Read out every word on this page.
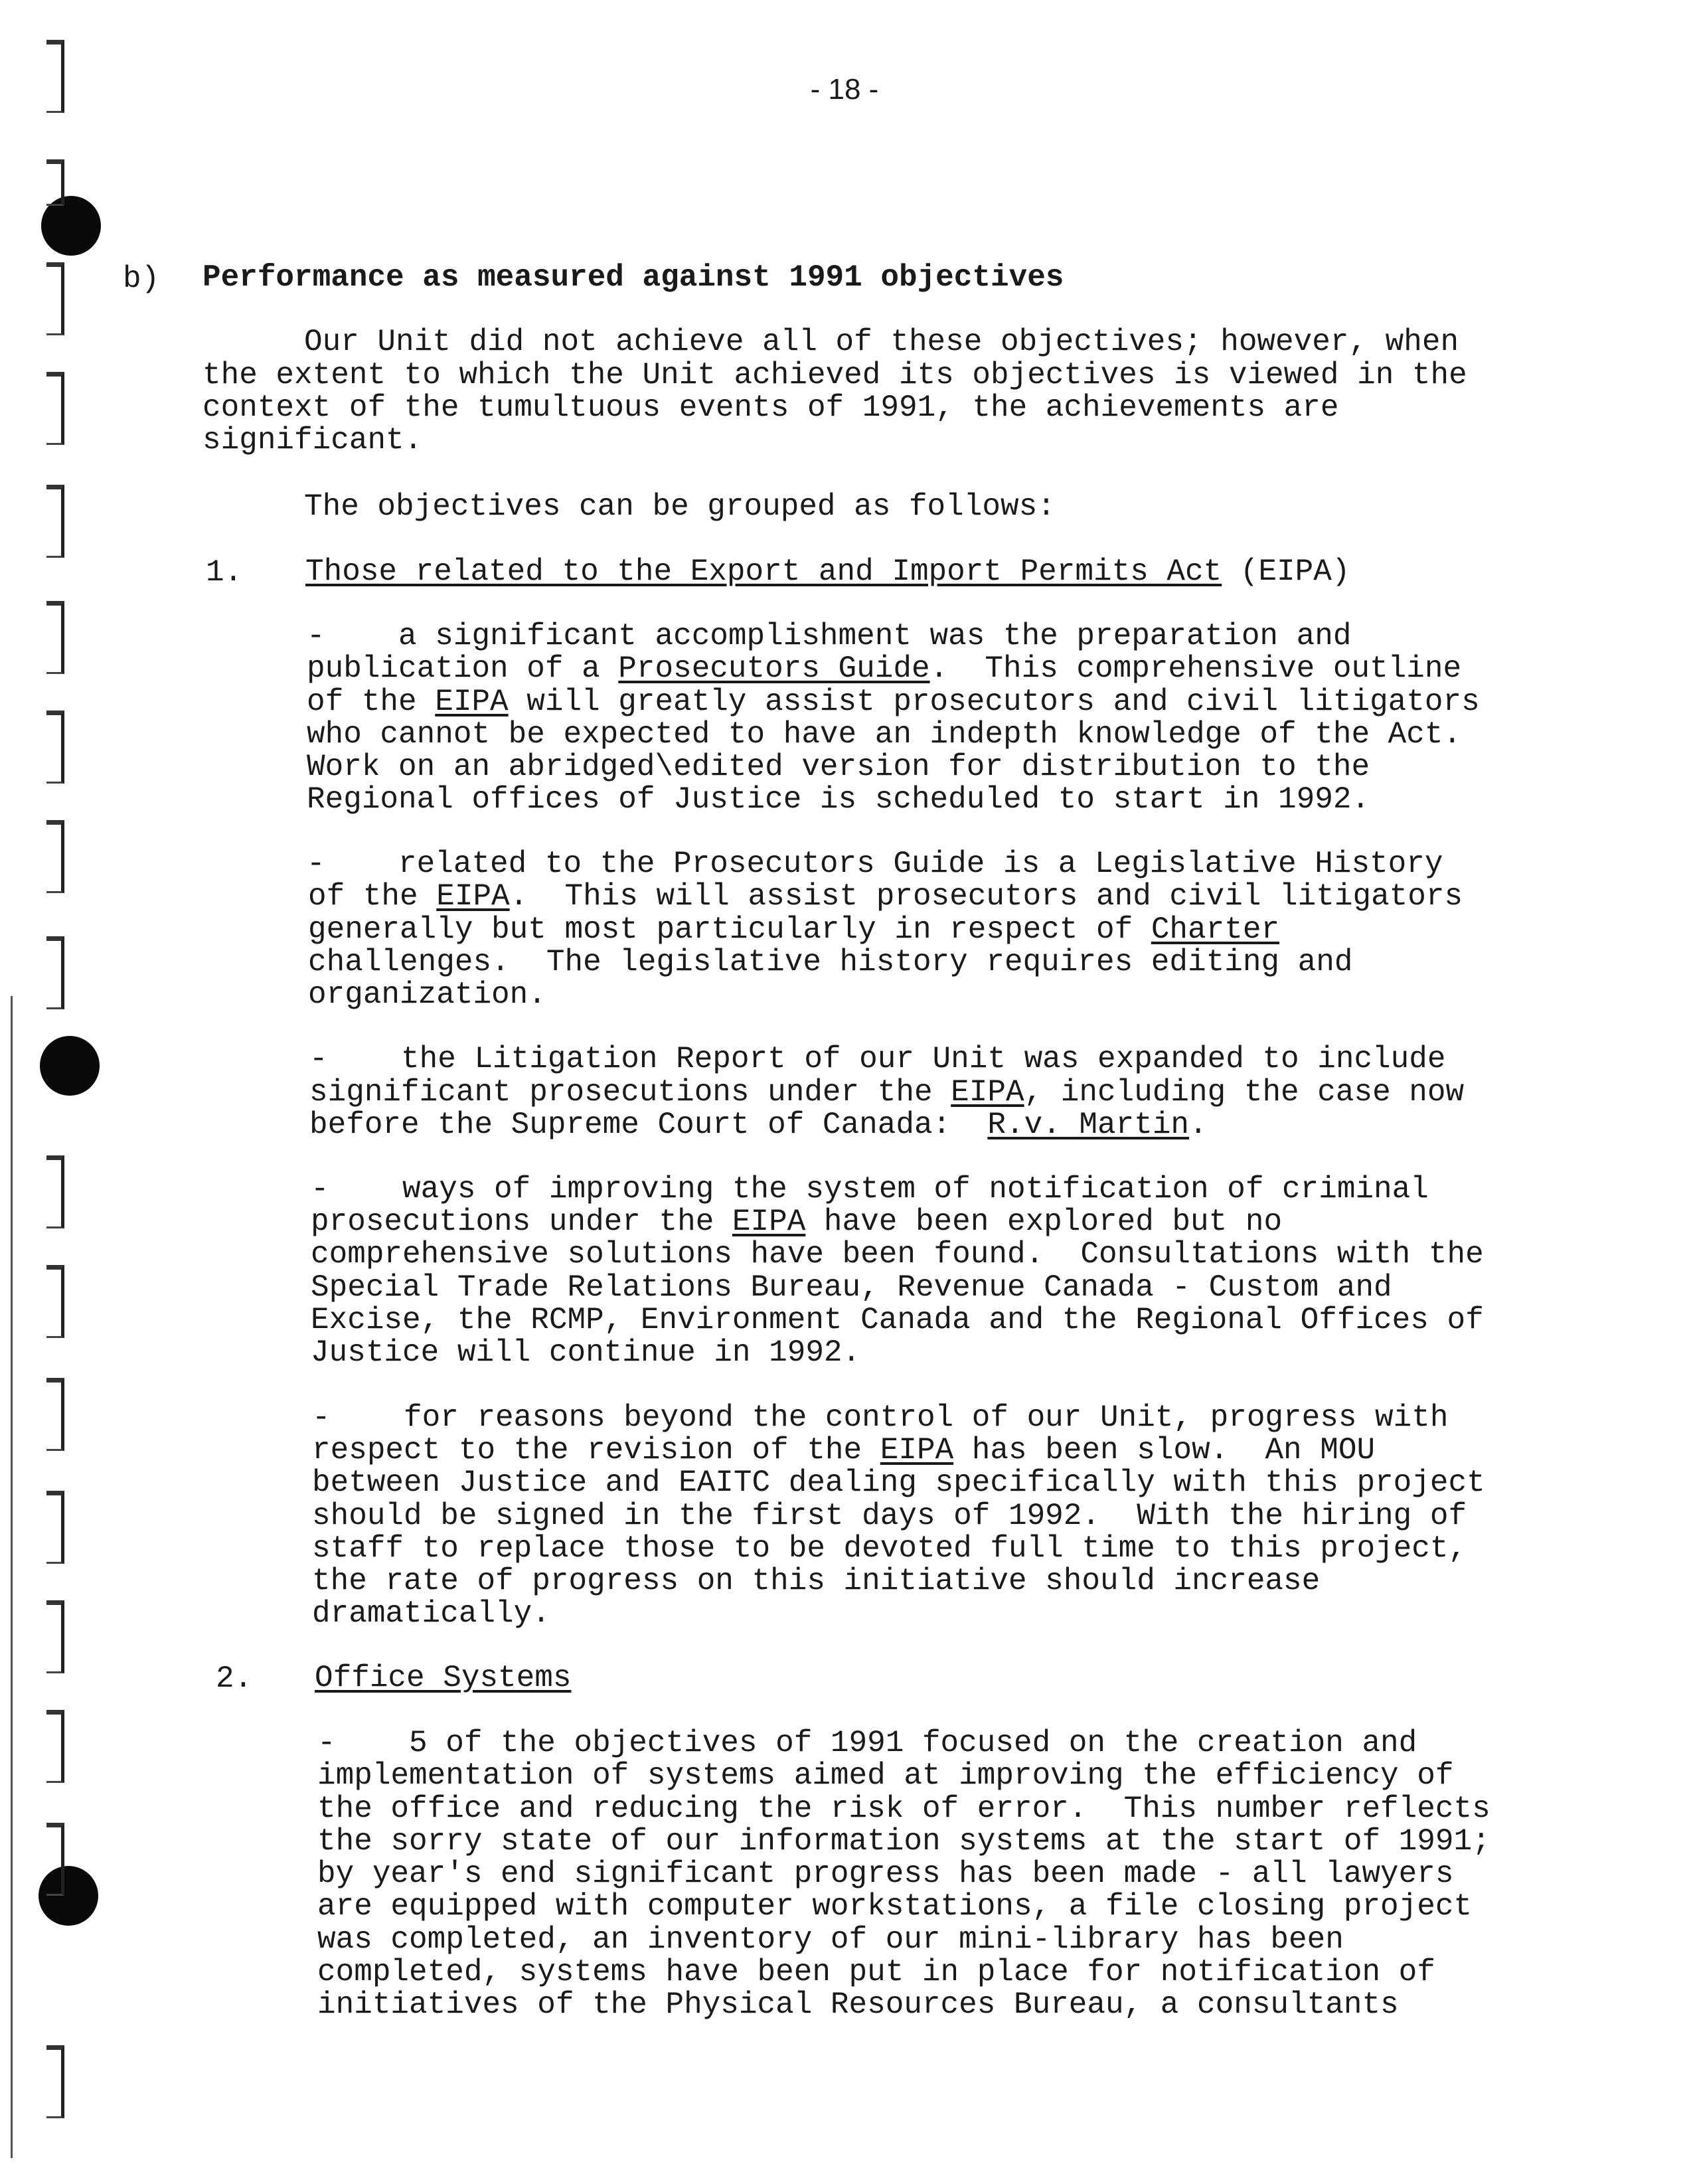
- 18 -

b) Performance as measured against 1991 objectives

Our Unit did not achieve all of these objectives; however, when

the extent to which the Unit achieved its objectives is viewed in the

context of the tumultuous events of 1991, the achievements are

significant.

The objectives can be grouped as follows:

1. Those related to the Export and Import Permits Act (EIPA)

-    a significant accomplishment was the preparation and

publication of a Prosecutors Guide.  This comprehensive outline

of the EIPA will greatly assist prosecutors and civil litigators

who cannot be expected to have an indepth knowledge of the Act.

Work on an abridged\edited version for distribution to the

Regional offices of Justice is scheduled to start in 1992.

-    related to the Prosecutors Guide is a Legislative History

of the EIPA.  This will assist prosecutors and civil litigators

generally but most particularly in respect of Charter

challenges.  The legislative history requires editing and

organization.

-    the Litigation Report of our Unit was expanded to include

significant prosecutions under the EIPA, including the case now

before the Supreme Court of Canada:  R.v. Martin.

-    ways of improving the system of notification of criminal

prosecutions under the EIPA have been explored but no

comprehensive solutions have been found.  Consultations with the

Special Trade Relations Bureau, Revenue Canada - Custom and

Excise, the RCMP, Environment Canada and the Regional Offices of

Justice will continue in 1992.

-    for reasons beyond the control of our Unit, progress with

respect to the revision of the EIPA has been slow.  An MOU

between Justice and EAITC dealing specifically with this project

should be signed in the first days of 1992.  With the hiring of

staff to replace those to be devoted full time to this project,

the rate of progress on this initiative should increase

dramatically.

2. Office Systems

-    5 of the objectives of 1991 focused on the creation and

implementation of systems aimed at improving the efficiency of

the office and reducing the risk of error.  This number reflects

the sorry state of our information systems at the start of 1991;

by year's end significant progress has been made - all lawyers

are equipped with computer workstations, a file closing project

was completed, an inventory of our mini-library has been

completed, systems have been put in place for notification of

initiatives of the Physical Resources Bureau, a consultants
